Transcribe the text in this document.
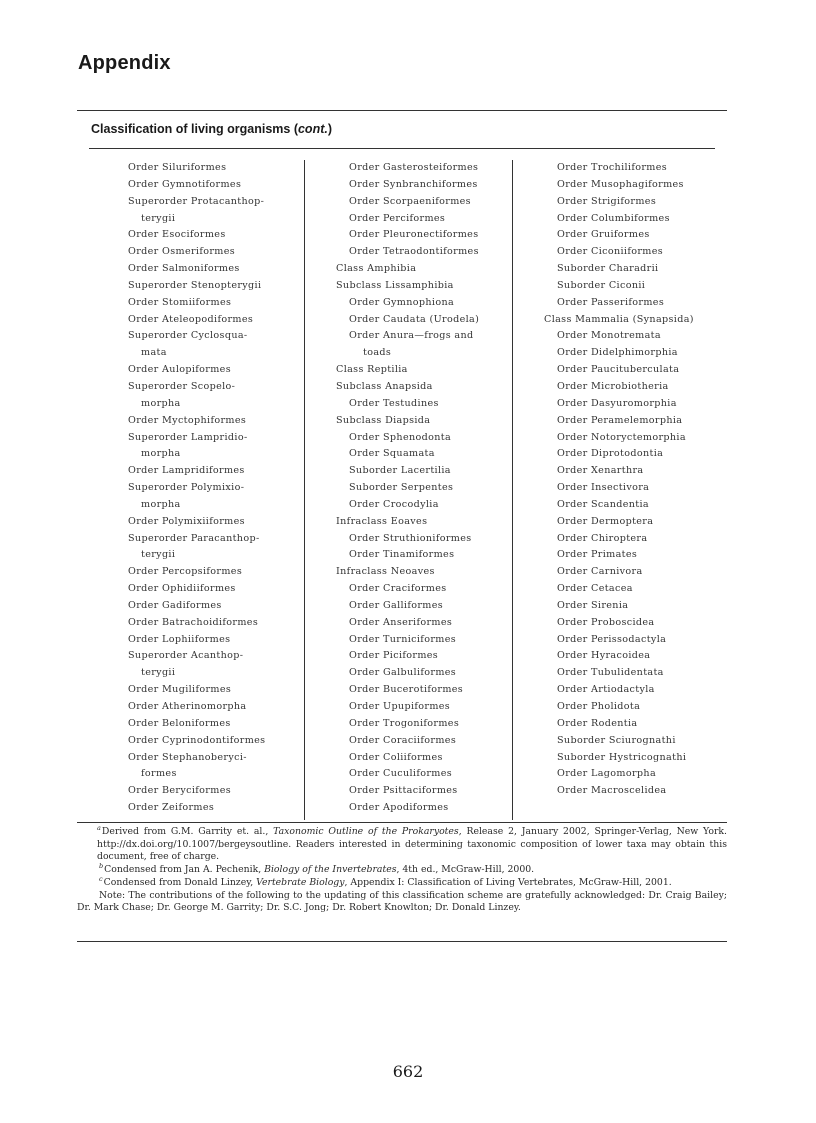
Appendix
Classification of living organisms (cont.)
Order Siluriformes
Order Gymnotiformes
Superorder Protacanthop-
terygii
Order Esociformes
Order Osmeriformes
Order Salmoniformes
Superorder Stenopterygii
Order Stomiiformes
Order Ateleopodiformes
Superorder Cyclosqua-
mata
Order Aulopiformes
Superorder Scopelo-
morpha
Order Myctophiformes
Superorder Lampridio-
morpha
Order Lampridiformes
Superorder Polymixio-
morpha
Order Polymixiiformes
Superorder Paracanthop-
terygii
Order Percopsiformes
Order Ophidiiformes
Order Gadiformes
Order Batrachoidiformes
Order Lophiiformes
Superorder Acanthop-
terygii
Order Mugiliformes
Order Atherinomorpha
Order Beloniformes
Order Cyprinodontiformes
Order Stephanoberyci-
formes
Order Beryciformes
Order Zeiformes
Order Gasterosteiformes
Order Synbranchiformes
Order Scorpaeniformes
Order Perciformes
Order Pleuronectiformes
Order Tetraodontiformes
Class Amphibia
Subclass Lissamphibia
Order Gymnophiona
Order Caudata (Urodela)
Order Anura—frogs and
toads
Class Reptilia
Subclass Anapsida
Order Testudines
Subclass Diapsida
Order Sphenodonta
Order Squamata
Suborder Lacertilia
Suborder Serpentes
Order Crocodylia
Infraclass Eoaves
Order Struthioniformes
Order Tinamiformes
Infraclass Neoaves
Order Craciformes
Order Galliformes
Order Anseriformes
Order Turniciformes
Order Piciformes
Order Galbuliformes
Order Bucerotiformes
Order Upupiformes
Order Trogoniformes
Order Coraciiformes
Order Coliiformes
Order Cuculiformes
Order Psittaciformes
Order Apodiformes
Order Trochiliformes
Order Musophagiformes
Order Strigiformes
Order Columbiformes
Order Gruiformes
Order Ciconiiformes
Suborder Charadrii
Suborder Ciconii
Order Passeriformes
Class Mammalia (Synapsida)
Order Monotremata
Order Didelphimorphia
Order Paucituberculata
Order Microbiotheria
Order Dasyuromorphia
Order Peramelemorphia
Order Notoryctemorphia
Order Diprotodontia
Order Xenarthra
Order Insectivora
Order Scandentia
Order Dermoptera
Order Chiroptera
Order Primates
Order Carnivora
Order Cetacea
Order Sirenia
Order Proboscidea
Order Perissodactyla
Order Hyracoidea
Order Tubulidentata
Order Artiodactyla
Order Pholidota
Order Rodentia
Suborder Sciurognathi
Suborder Hystricognathi
Order Lagomorpha
Order Macroscelidea
$^a$Derived from G.M. Garrity et. al., Taxonomic Outline of the Prokaryotes, Release 2, January 2002, Springer-Verlag, New York. http://dx.doi.org/10.1007/bergeysoutline. Readers interested in determining taxonomic composition of lower taxa may obtain this document, free of charge.
$^b$Condensed from Jan A. Pechenik, Biology of the Invertebrates, 4th ed., McGraw-Hill, 2000.
$^c$Condensed from Donald Linzey, Vertebrate Biology, Appendix I: Classification of Living Vertebrates, McGraw-Hill, 2001.
Note: The contributions of the following to the updating of this classification scheme are gratefully acknowledged: Dr. Craig Bailey; Dr. Mark Chase; Dr. George M. Garrity; Dr. S.C. Jong; Dr. Robert Knowlton; Dr. Donald Linzey.
662
